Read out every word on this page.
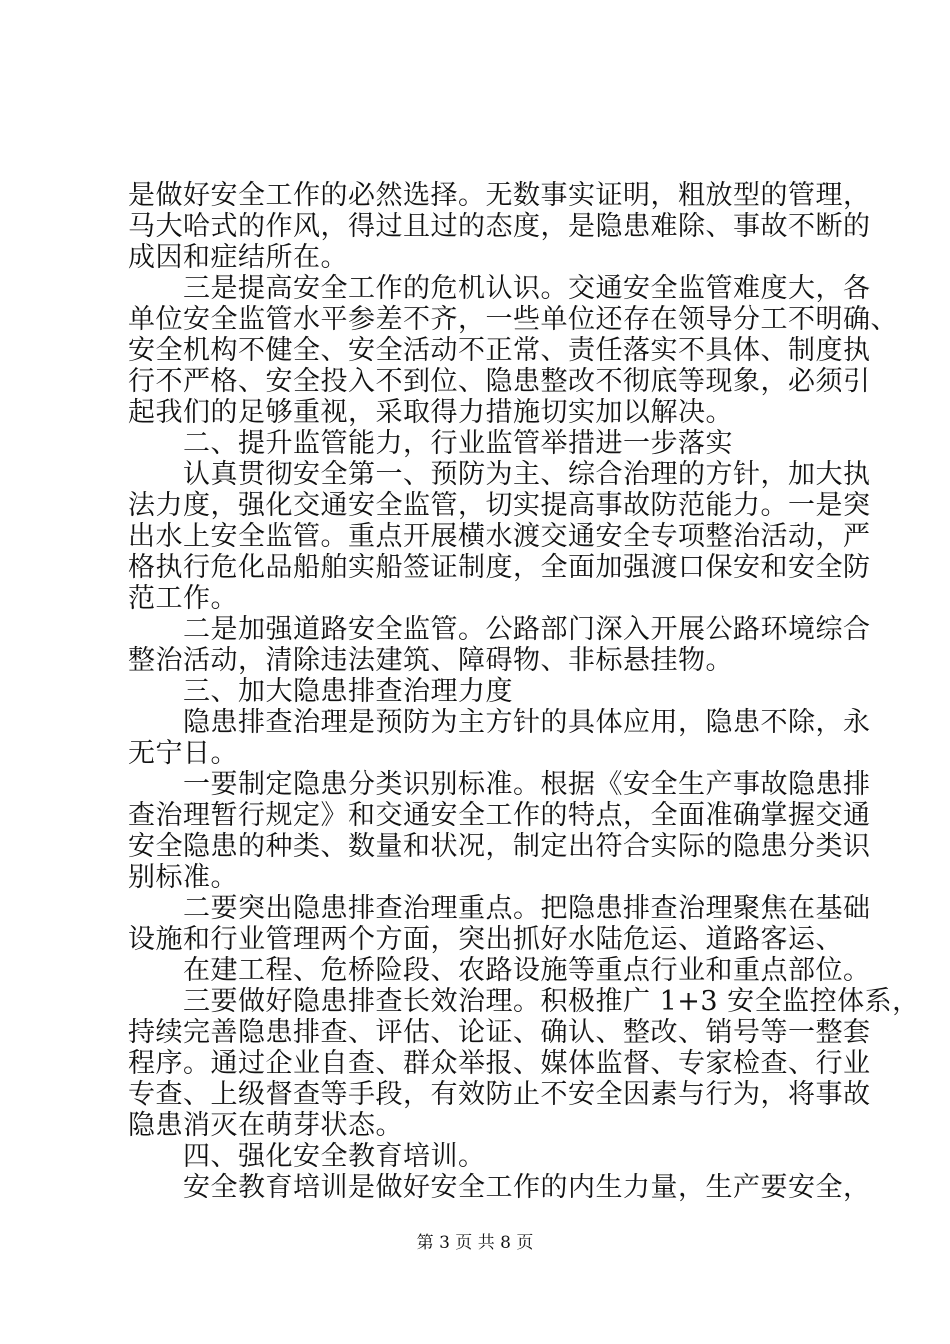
是做好安全工作的必然选择。无数事实证明，粗放型的管理，
马大哈式的作风，得过且过的态度，是隐患难除、事故不断的
成因和症结所在。
三是提高安全工作的危机认识。交通安全监管难度大，各
单位安全监管水平参差不齐，一些单位还存在领导分工不明确、
安全机构不健全、安全活动不正常、责任落实不具体、制度执
行不严格、安全投入不到位、隐患整改不彻底等现象，必须引
起我们的足够重视，采取得力措施切实加以解决。
二、提升监管能力，行业监管举措进一步落实
认真贯彻安全第一、预防为主、综合治理的方针，加大执
法力度，强化交通安全监管，切实提高事故防范能力。一是突
出水上安全监管。重点开展横水渡交通安全专项整治活动，严
格执行危化品船舶实船签证制度，全面加强渡口保安和安全防
范工作。
二是加强道路安全监管。公路部门深入开展公路环境综合
整治活动，清除违法建筑、障碍物、非标悬挂物。
三、加大隐患排查治理力度
隐患排查治理是预防为主方针的具体应用，隐患不除，永
无宁日。
一要制定隐患分类识别标准。根据《安全生产事故隐患排
查治理暂行规定》和交通安全工作的特点，全面准确掌握交通
安全隐患的种类、数量和状况，制定出符合实际的隐患分类识
别标准。
二要突出隐患排查治理重点。把隐患排查治理聚焦在基础
设施和行业管理两个方面，突出抓好水陆危运、道路客运、
在建工程、危桥险段、农路设施等重点行业和重点部位。
三要做好隐患排查长效治理。积极推广 1+3 安全监控体系，
持续完善隐患排查、评估、论证、确认、整改、销号等一整套
程序。通过企业自查、群众举报、媒体监督、专家检查、行业
专查、上级督查等手段，有效防止不安全因素与行为，将事故
隐患消灭在萌芽状态。
四、强化安全教育培训。
安全教育培训是做好安全工作的内生力量，生产要安全，
第 3 页 共 8 页
